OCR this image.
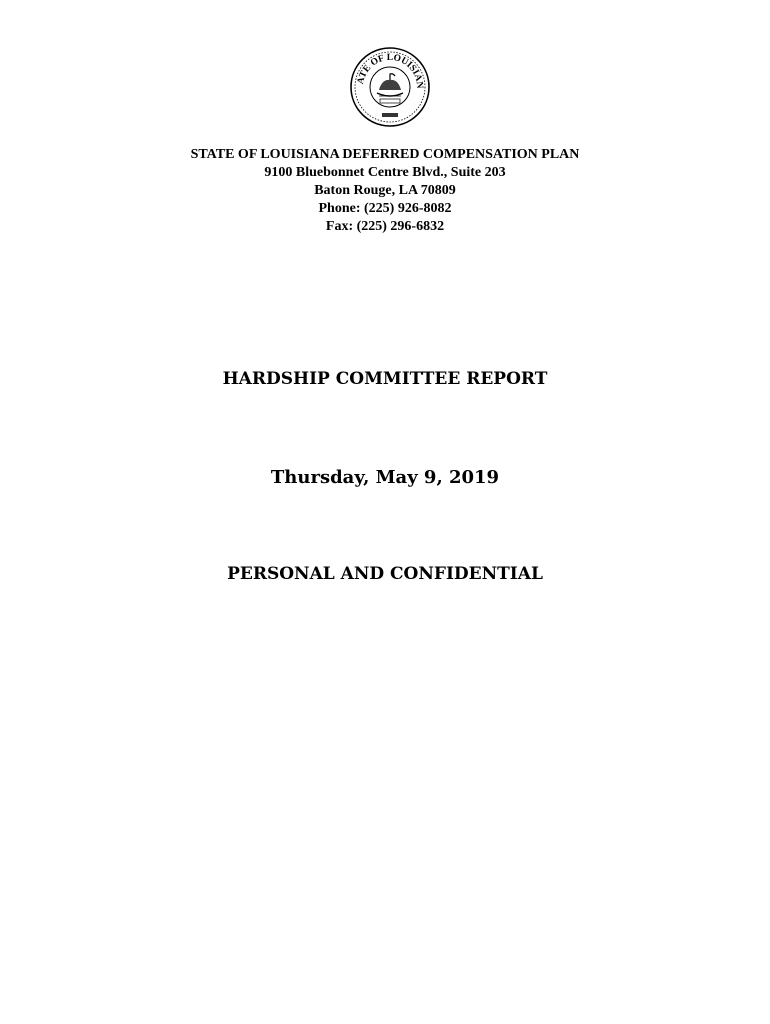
ATE OF LOUISIAN
STATE OF LOUISIANA DEFERRED COMPENSATION PLAN
9100 Bluebonnet Centre Blvd., Suite 203
Baton Rouge, LA 70809
Phone: (225) 926-8082
Fax: (225) 296-6832
HARDSHIP COMMITTEE REPORT
Thursday, May 9, 2019
PERSONAL AND CONFIDENTIAL
